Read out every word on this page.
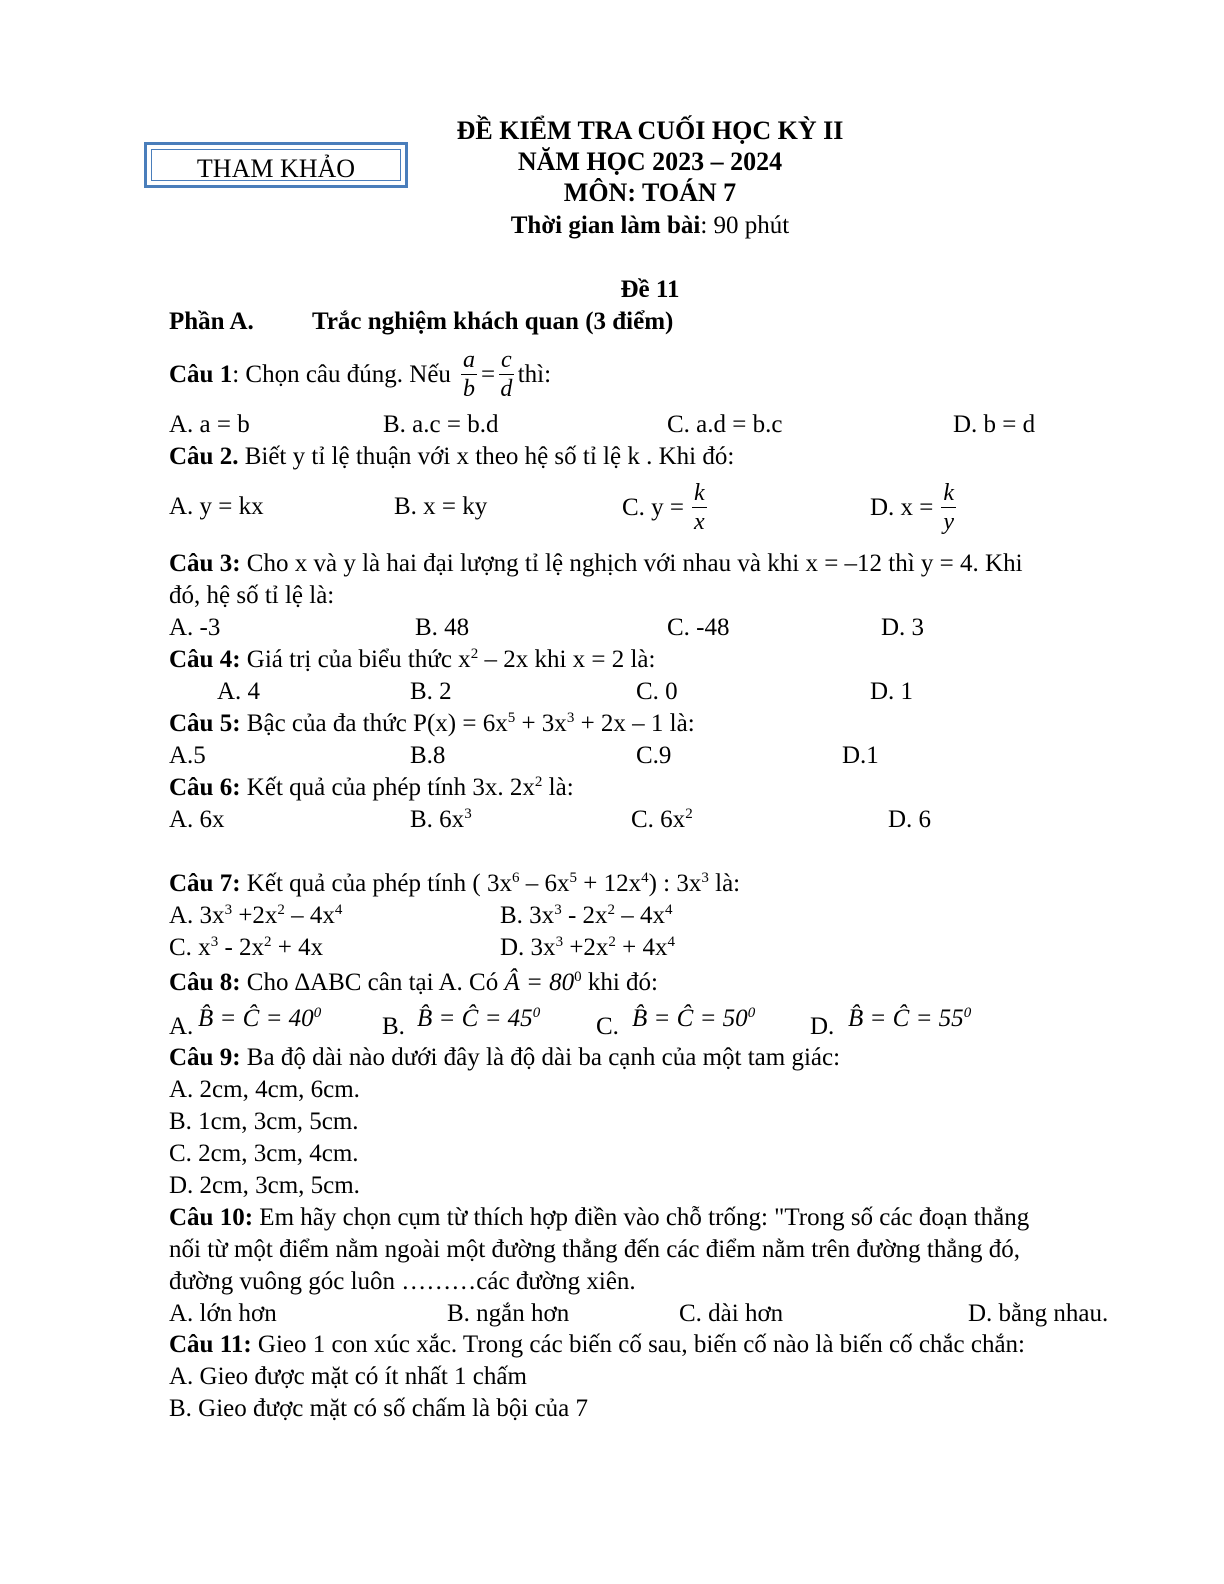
THAM KHẢO
ĐỀ KIỂM TRA CUỐI HỌC KỲ II
NĂM HỌC 2023 – 2024
MÔN: TOÁN 7
Thời gian làm bài: 90 phút
Đề 11
Phần A. Trắc nghiệm khách quan (3 điểm)
Câu 1 : Chọn câu đúng. Nếu $\frac{a}{b} = \frac{c}{d}$ thì:
A. a = b	B. a.c = b.d	C. a.d = b.c	D. b = d
Câu 2. Biết y tỉ lệ thuận với x theo hệ số tỉ lệ k . Khi đó:
A. y = kx	B. x = ky	C. $y = \frac{k}{x}$	D. $x = \frac{k}{y}$
Câu 3: Cho x và y là hai đại lượng tỉ lệ nghịch với nhau và khi x = –12 thì y = 4. Khi
đó, hệ số tỉ lệ là:
A. -3	B. 48	C. -48	D. 3
Câu 4: Giá trị của biểu thức $x^2 - 2x$ khi x = 2 là:
A. 4	B. 2	C. 0	D. 1
Câu 5: Bậc của đa thức $P(x) = 6x^5 + 3x^3 + 2x - 1$ là:
A.5	B.8	C.9	D.1
Câu 6: Kết quả của phép tính 3x. $2x^2$ là:
A. 6x	B. $6x^3$	C. $6x^2$	D. 6
Câu 7: Kết quả của phép tính ( $3x^6 - 6x^5 + 12x^4$) : $3x^3$ là:
A. $3x^3 +2x^2 - 4x^4$	B. $3x^3 - 2x^2 - 4x^4$
C. $x^3 - 2x^2 + 4x$	D. $3x^3 +2x^2 + 4x^4$
Câu 8: Cho ∆ABC cân tại A. Có Â = $80^0$ khi đó:
A. B̂ = Ĉ = $40^0$ B. B̂ = Ĉ = $45^0$ C. B̂ = Ĉ = $50^0$ D. B̂ = Ĉ = $55^0$
Câu 9: Ba độ dài nào dưới đây là độ dài ba cạnh của một tam giác:
A. 2cm, 4cm, 6cm.
B. 1cm, 3cm, 5cm.
C. 2cm, 3cm, 4cm.
D. 2cm, 3cm, 5cm.
Câu 10: Em hãy chọn cụm từ thích hợp điền vào chỗ trống: "Trong số các đoạn thẳng
nối từ một điểm nằm ngoài một đường thẳng đến các điểm nằm trên đường thẳng đó,
đường vuông góc luôn ………các đường xiên.
A. lớn hơn	B. ngắn hơn	C. dài hơn	D. bằng nhau.
Câu 11: Gieo 1 con xúc xắc. Trong các biến cố sau, biến cố nào là biến cố chắc chắn:
A. Gieo được mặt có ít nhất 1 chấm
B. Gieo được mặt có số chấm là bội của 7
